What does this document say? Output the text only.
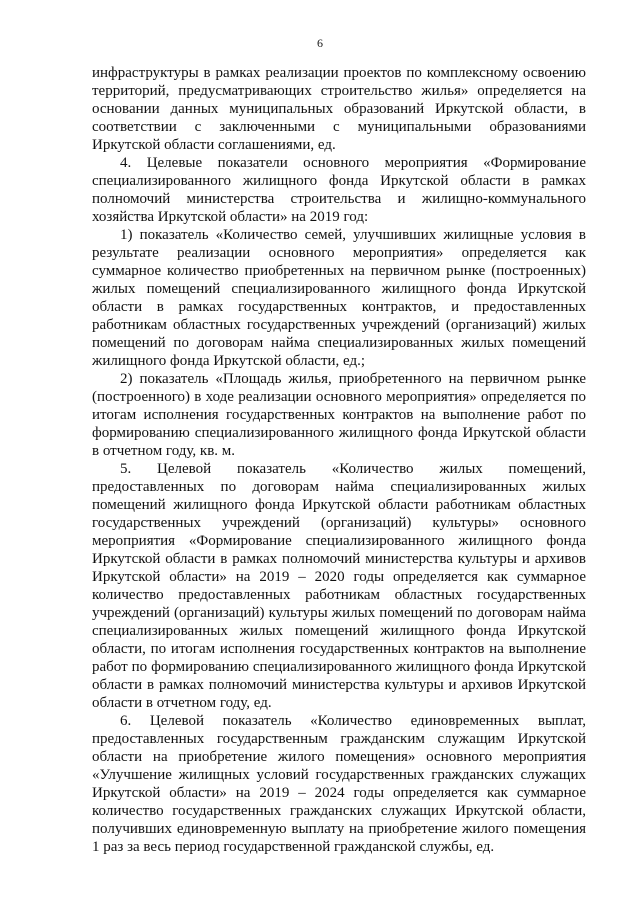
6

инфраструктуры в рамках реализации проектов по комплексному освоению территорий, предусматривающих строительство жилья» определяется на основании данных муниципальных образований Иркутской области, в соответствии с заключенными с муниципальными образованиями Иркутской области соглашениями, ед.

4. Целевые показатели основного мероприятия «Формирование специализированного жилищного фонда Иркутской области в рамках полномочий министерства строительства и жилищно-коммунального хозяйства Иркутской области» на 2019 год:

1) показатель «Количество семей, улучшивших жилищные условия в результате реализации основного мероприятия» определяется как суммарное количество приобретенных на первичном рынке (построенных) жилых помещений специализированного жилищного фонда Иркутской области в рамках государственных контрактов, и предоставленных работникам областных государственных учреждений (организаций) жилых помещений по договорам найма специализированных жилых помещений жилищного фонда Иркутской области, ед.;

2) показатель «Площадь жилья, приобретенного на первичном рынке (построенного) в ходе реализации основного мероприятия» определяется по итогам исполнения государственных контрактов на выполнение работ по формированию специализированного жилищного фонда Иркутской области в отчетном году, кв. м.

5. Целевой показатель «Количество жилых помещений, предоставленных по договорам найма специализированных жилых помещений жилищного фонда Иркутской области работникам областных государственных учреждений (организаций) культуры» основного мероприятия «Формирование специализированного жилищного фонда Иркутской области в рамках полномочий министерства культуры и архивов Иркутской области» на 2019 – 2020 годы определяется как суммарное количество предоставленных работникам областных государственных учреждений (организаций) культуры жилых помещений по договорам найма специализированных жилых помещений жилищного фонда Иркутской области, по итогам исполнения государственных контрактов на выполнение работ по формированию специализированного жилищного фонда Иркутской области в рамках полномочий министерства культуры и архивов Иркутской области в отчетном году, ед.

6. Целевой показатель «Количество единовременных выплат, предоставленных государственным гражданским служащим Иркутской области на приобретение жилого помещения» основного мероприятия «Улучшение жилищных условий государственных гражданских служащих Иркутской области» на 2019 – 2024 годы определяется как суммарное количество государственных гражданских служащих Иркутской области, получивших единовременную выплату на приобретение жилого помещения 1 раз за весь период государственной гражданской службы, ед.
